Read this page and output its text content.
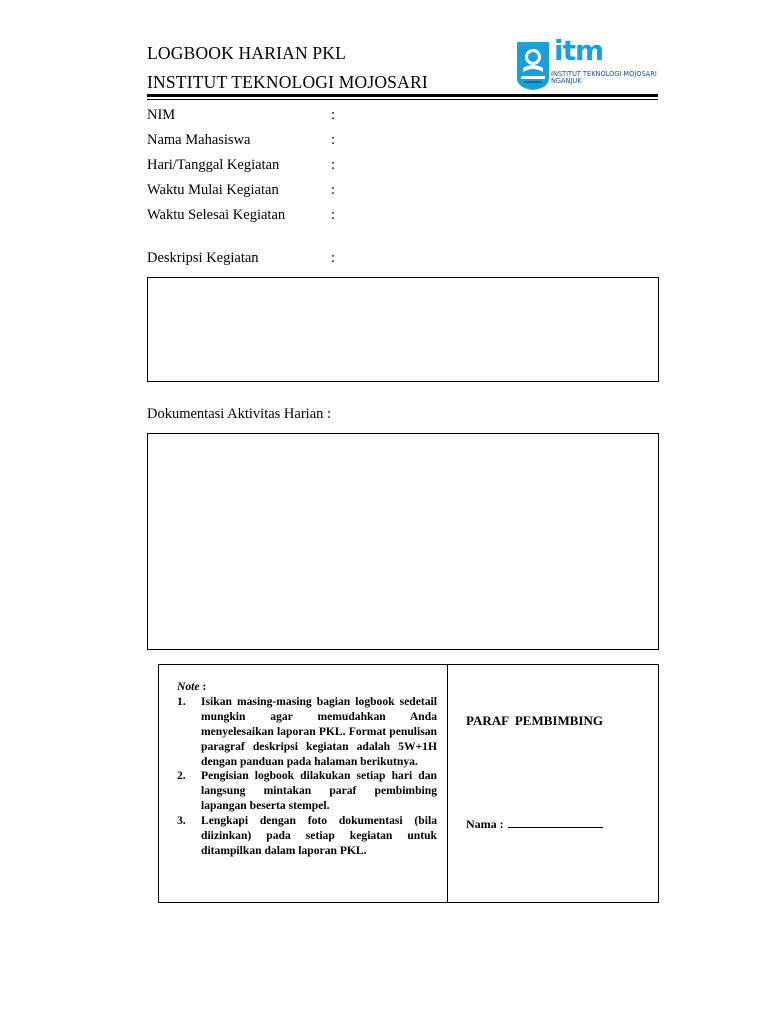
LOGBOOK HARIAN PKL
INSTITUT TEKNOLOGI MOJOSARI
itm
INSTITUT TEKNOLOGI MOJOSARI
NGANJUK
NIM	:
Nama Mahasiswa	:
Hari/Tanggal Kegiatan	:
Waktu Mulai Kegiatan	:
Waktu Selesai Kegiatan	:
Deskripsi Kegiatan	:
Dokumentasi Aktivitas Harian :
Note :
1.	Isikan masing-masing bagian logbook sedetail mungkin agar memudahkan Anda menyelesaikan laporan PKL. Format penulisan paragraf deskripsi kegiatan adalah 5W+1H dengan panduan pada halaman berikutnya.
2.	Pengisian logbook dilakukan setiap hari dan langsung mintakan paraf pembimbing lapangan beserta stempel.
3.	Lengkapi dengan foto dokumentasi (bila diizinkan) pada setiap kegiatan untuk ditampilkan dalam laporan PKL.
PARAF PEMBIMBING
Nama :
